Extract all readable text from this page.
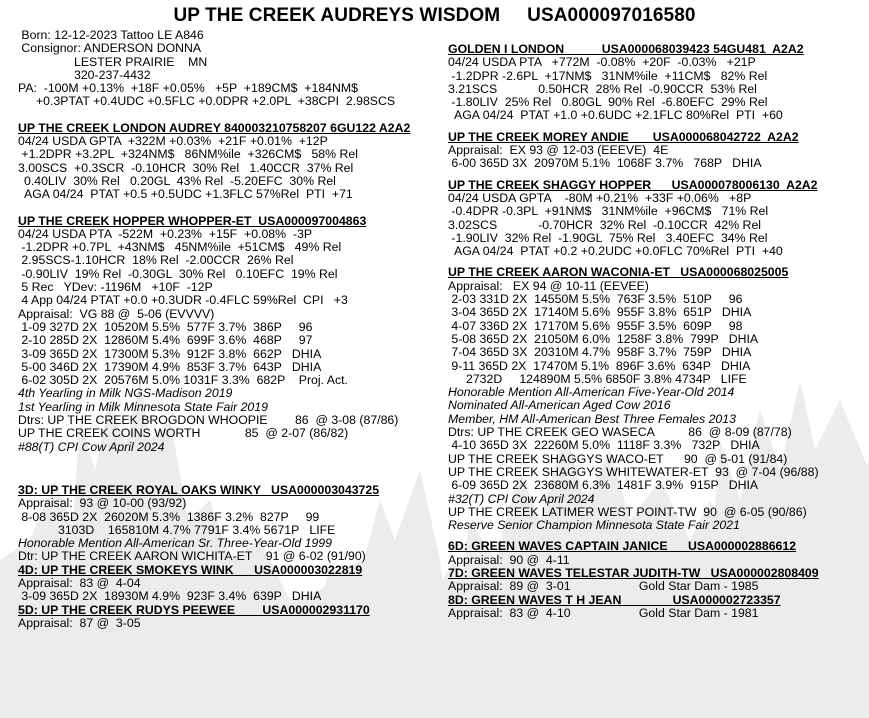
UP THE CREEK AUDREYS WISDOM     USA000097016580
Born: 12-12-2023 Tattoo LE A846
Consignor: ANDERSON DONNA
LESTER PRAIRIE    MN
320-237-4432
PA:  -100M +0.13%  +18F +0.05%   +5P  +189CM$  +184NM$
+0.3PTAT +0.4UDC +0.5FLC +0.0DPR +2.0PL  +38CPI  2.98SCS
UP THE CREEK LONDON AUDREY 840003210758207 6GU122 A2A2
04/24 USDA GPTA  +322M +0.03%  +21F +0.01%  +12P
+1.2DPR +3.2PL  +324NM$   86NM%ile  +326CM$   58% Rel
3.00SCS  +0.3SCR  -0.10HCR  30% Rel   1.40CCR  37% Rel
0.40LIV  30% Rel   0.20GL  43% Rel  -5.20EFC  30% Rel
AGA 04/24  PTAT +0.5 +0.5UDC +1.3FLC 57%Rel  PTI  +71
UP THE CREEK HOPPER WHOPPER-ET  USA000097004863
04/24 USDA PTA  -522M  +0.23%  +15F  +0.08%  -3P
-1.2DPR +0.7PL  +43NM$   45NM%ile  +51CM$   49% Rel
2.95SCS-1.10HCR  18% Rel  -2.00CCR  26% Rel
-0.90LIV  19% Rel  -0.30GL  30% Rel   0.10EFC  19% Rel
5 Rec   YDev: -1196M   +10F  -12P
4 App 04/24 PTAT +0.0 +0.3UDR -0.4FLC 59%Rel  CPI   +3
Appraisal:  VG 88 @  5-06 (EVVVV)
1-09 327D 2X  10520M 5.5%  577F 3.7%  386P     96
2-10 285D 2X  12860M 5.4%  699F 3.6%  468P     97
3-09 365D 2X  17300M 5.3%  912F 3.8%  662P   DHIA
5-00 346D 2X  17390M 4.9%  853F 3.7%  643P   DHIA
6-02 305D 2X  20576M 5.0% 1031F 3.3%  682P    Proj. Act.
4th Yearling in Milk NGS-Madison 2019
1st Yearling in Milk Minnesota State Fair 2019
Dtrs: UP THE CREEK BROGDON WHOOPIE        86  @ 3-08 (87/86)
UP THE CREEK COINS WORTH             85  @ 2-07 (86/82)
#88(T) CPI Cow April 2024
3D: UP THE CREEK ROYAL OAKS WINKY   USA000003043725
Appraisal:  93 @ 10-00 (93/92)
8-08 365D 2X  26020M 5.3%  1386F 3.2%  827P     99
3103D    165810M 4.7% 7791F 3.4% 5671P   LIFE
Honorable Mention All-American Sr. Three-Year-Old 1999
Dtr: UP THE CREEK AARON WICHITA-ET    91 @ 6-02 (91/90)
4D: UP THE CREEK SMOKEYS WINK      USA000003022819
Appraisal:  83 @  4-04
3-09 365D 2X  18930M 4.9%  923F 3.4%  639P   DHIA
5D: UP THE CREEK RUDYS PEEWEE        USA000002931170
Appraisal:  87 @  3-05
GOLDEN I LONDON           USA000068039423 54GU481  A2A2
04/24 USDA PTA   +772M  -0.08%  +20F  -0.03%   +21P
-1.2DPR -2.6PL  +17NM$   31NM%ile  +11CM$   82% Rel
3.21SCS            0.50HCR  28% Rel  -0.90CCR  53% Rel
-1.80LIV  25% Rel   0.80GL  90% Rel  -6.80EFC  29% Rel
AGA 04/24  PTAT +1.0 +0.6UDC +2.1FLC 80%Rel  PTI  +60
UP THE CREEK MOREY ANDIE       USA000068042722  A2A2
Appraisal:  EX 93 @ 12-03 (EEEVE)  4E
6-00 365D 3X  20970M 5.1%  1068F 3.7%   768P   DHIA
UP THE CREEK SHAGGY HOPPER      USA000078006130  A2A2
04/24 USDA GPTA    -80M +0.21%  +33F +0.06%   +8P
-0.4DPR -0.3PL  +91NM$   31NM%ile  +96CM$   71% Rel
3.02SCS            -0.70HCR  32% Rel  -0.10CCR  42% Rel
-1.90LIV  32% Rel  -1.90GL  75% Rel   3.40EFC  34% Rel
AGA 04/24  PTAT +0.2 +0.2UDC +0.0FLC 70%Rel  PTI  +40
UP THE CREEK AARON WACONIA-ET   USA000068025005
Appraisal:   EX 94 @ 10-11 (EEVEE)
2-03 331D 2X  14550M 5.5%  763F 3.5%  510P     96
3-04 365D 2X  17140M 5.6%  955F 3.8%  651P   DHIA
4-07 336D 2X  17170M 5.6%  955F 3.5%  609P     98
5-08 365D 2X  21050M 6.0%  1258F 3.8%  799P   DHIA
7-04 365D 3X  20310M 4.7%  958F 3.7%  759P   DHIA
9-11 365D 2X  17470M 5.1%  896F 3.6%  634P   DHIA
2732D     124890M 5.5% 6850F 3.8% 4734P   LIFE
Honorable Mention All-American Five-Year-Old 2014
Nominated All-American Aged Cow 2016
Member, HM All-American Best Three Females 2013
Dtrs: UP THE CREEK GEO WASECA          86  @ 8-09 (87/78)
4-10 365D 3X  22260M 5.0%  1118F 3.3%   732P   DHIA
UP THE CREEK SHAGGYS WACO-ET      90  @ 5-01 (91/84)
UP THE CREEK SHAGGYS WHITEWATER-ET  93  @ 7-04 (96/88)
6-09 365D 2X  23680M 6.3%  1481F 3.9%  915P   DHIA
#32(T) CPI Cow April 2024
UP THE CREEK LATIMER WEST POINT-TW  90  @ 6-05 (90/86)
Reserve Senior Champion Minnesota State Fair 2021
6D: GREEN WAVES CAPTAIN JANICE      USA000002886612
Appraisal:  90 @  4-11
7D: GREEN WAVES TELESTAR JUDITH-TW   USA000002808409
Appraisal:  89 @  3-01                    Gold Star Dam - 1985
8D: GREEN WAVES T H JEAN               USA000002723357
Appraisal:  83 @  4-10                    Gold Star Dam - 1981
